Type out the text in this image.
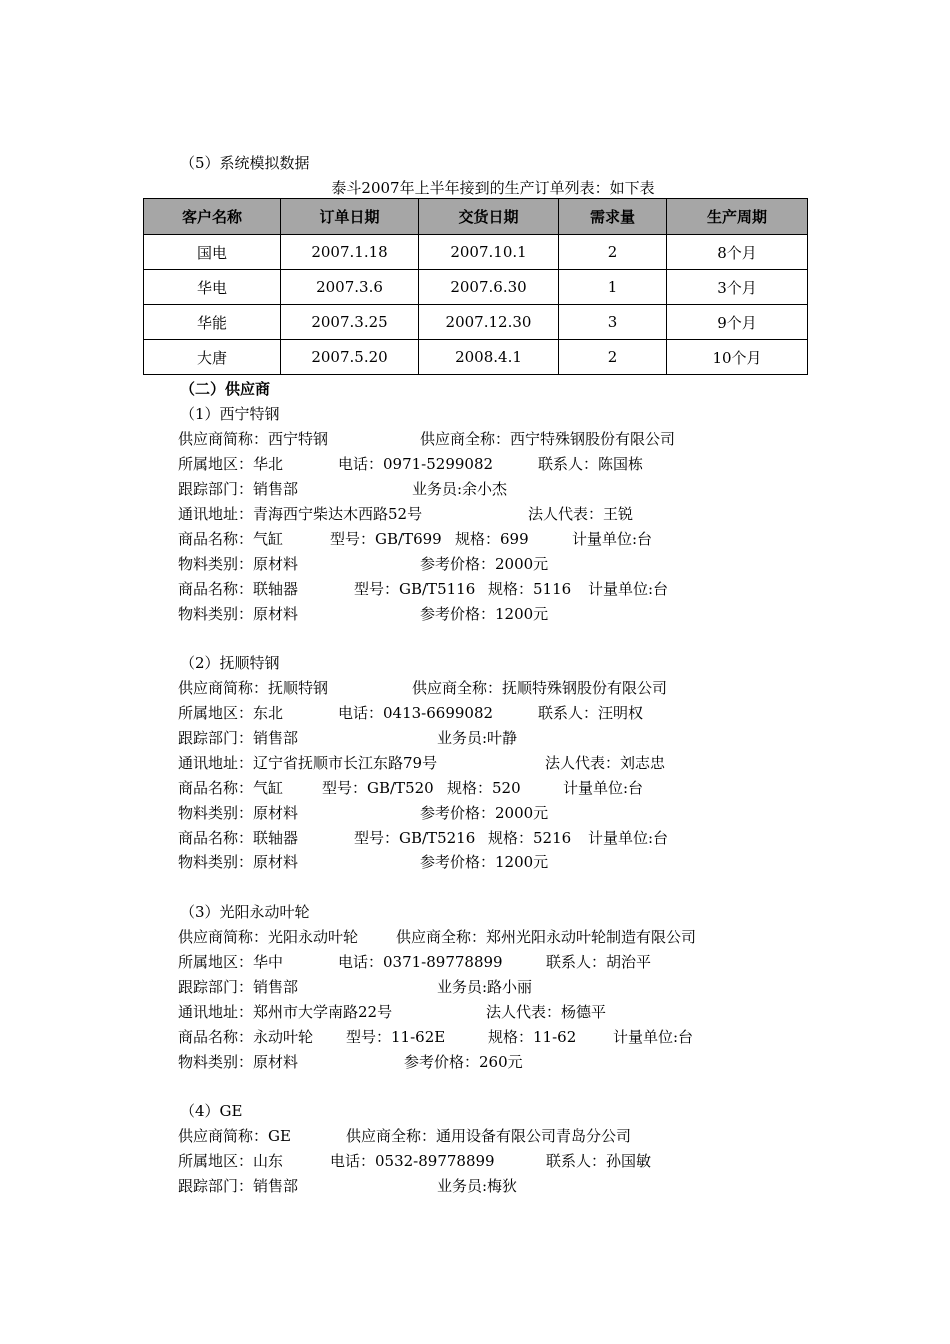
（5）系统模拟数据
泰斗2007年上半年接到的生产订单列表：如下表
客户名称	订单日期	交货日期	需求量	生产周期
国电	2007.1.18	2007.10.1	2	8个月
华电	2007.3.6	2007.6.30	1	3个月
华能	2007.3.25	2007.12.30	3	9个月
大唐	2007.5.20	2008.4.1	2	10个月
（二）供应商
（1）西宁特钢
供应商简称：西宁特钢	供应商全称：西宁特殊钢股份有限公司
所属地区：华北	电话：0971-5299082	联系人：陈国栋
跟踪部门：销售部	业务员:余小杰
通讯地址：青海西宁柴达木西路52号	法人代表：王锐
商品名称：气缸	型号：GB/T699 规格：699	计量单位:台
物料类别：原材料	参考价格：2000元
商品名称：联轴器	型号：GB/T5116 规格：5116 计量单位:台
物料类别：原材料	参考价格：1200元
（2）抚顺特钢
供应商简称：抚顺特钢	供应商全称：抚顺特殊钢股份有限公司
所属地区：东北	电话：0413-6699082	联系人：汪明权
跟踪部门：销售部	业务员:叶静
通讯地址：辽宁省抚顺市长江东路79号	法人代表：刘志忠
商品名称：气缸	型号：GB/T520 规格：520	计量单位:台
物料类别：原材料	参考价格：2000元
商品名称：联轴器	型号：GB/T5216 规格：5216 计量单位:台
物料类别：原材料	参考价格：1200元
（3）光阳永动叶轮
供应商简称：光阳永动叶轮	供应商全称：郑州光阳永动叶轮制造有限公司
所属地区：华中	电话：0371-89778899	联系人：胡治平
跟踪部门：销售部	业务员:路小丽
通讯地址：郑州市大学南路22号	法人代表：杨德平
商品名称：永动叶轮 型号：11-62E	规格：11-62 计量单位:台
物料类别：原材料	参考价格：260元
（4）GE
供应商简称：GE	供应商全称：通用设备有限公司青岛分公司
所属地区：山东	电话：0532-89778899	联系人：孙国敏
跟踪部门：销售部	业务员:梅狄
